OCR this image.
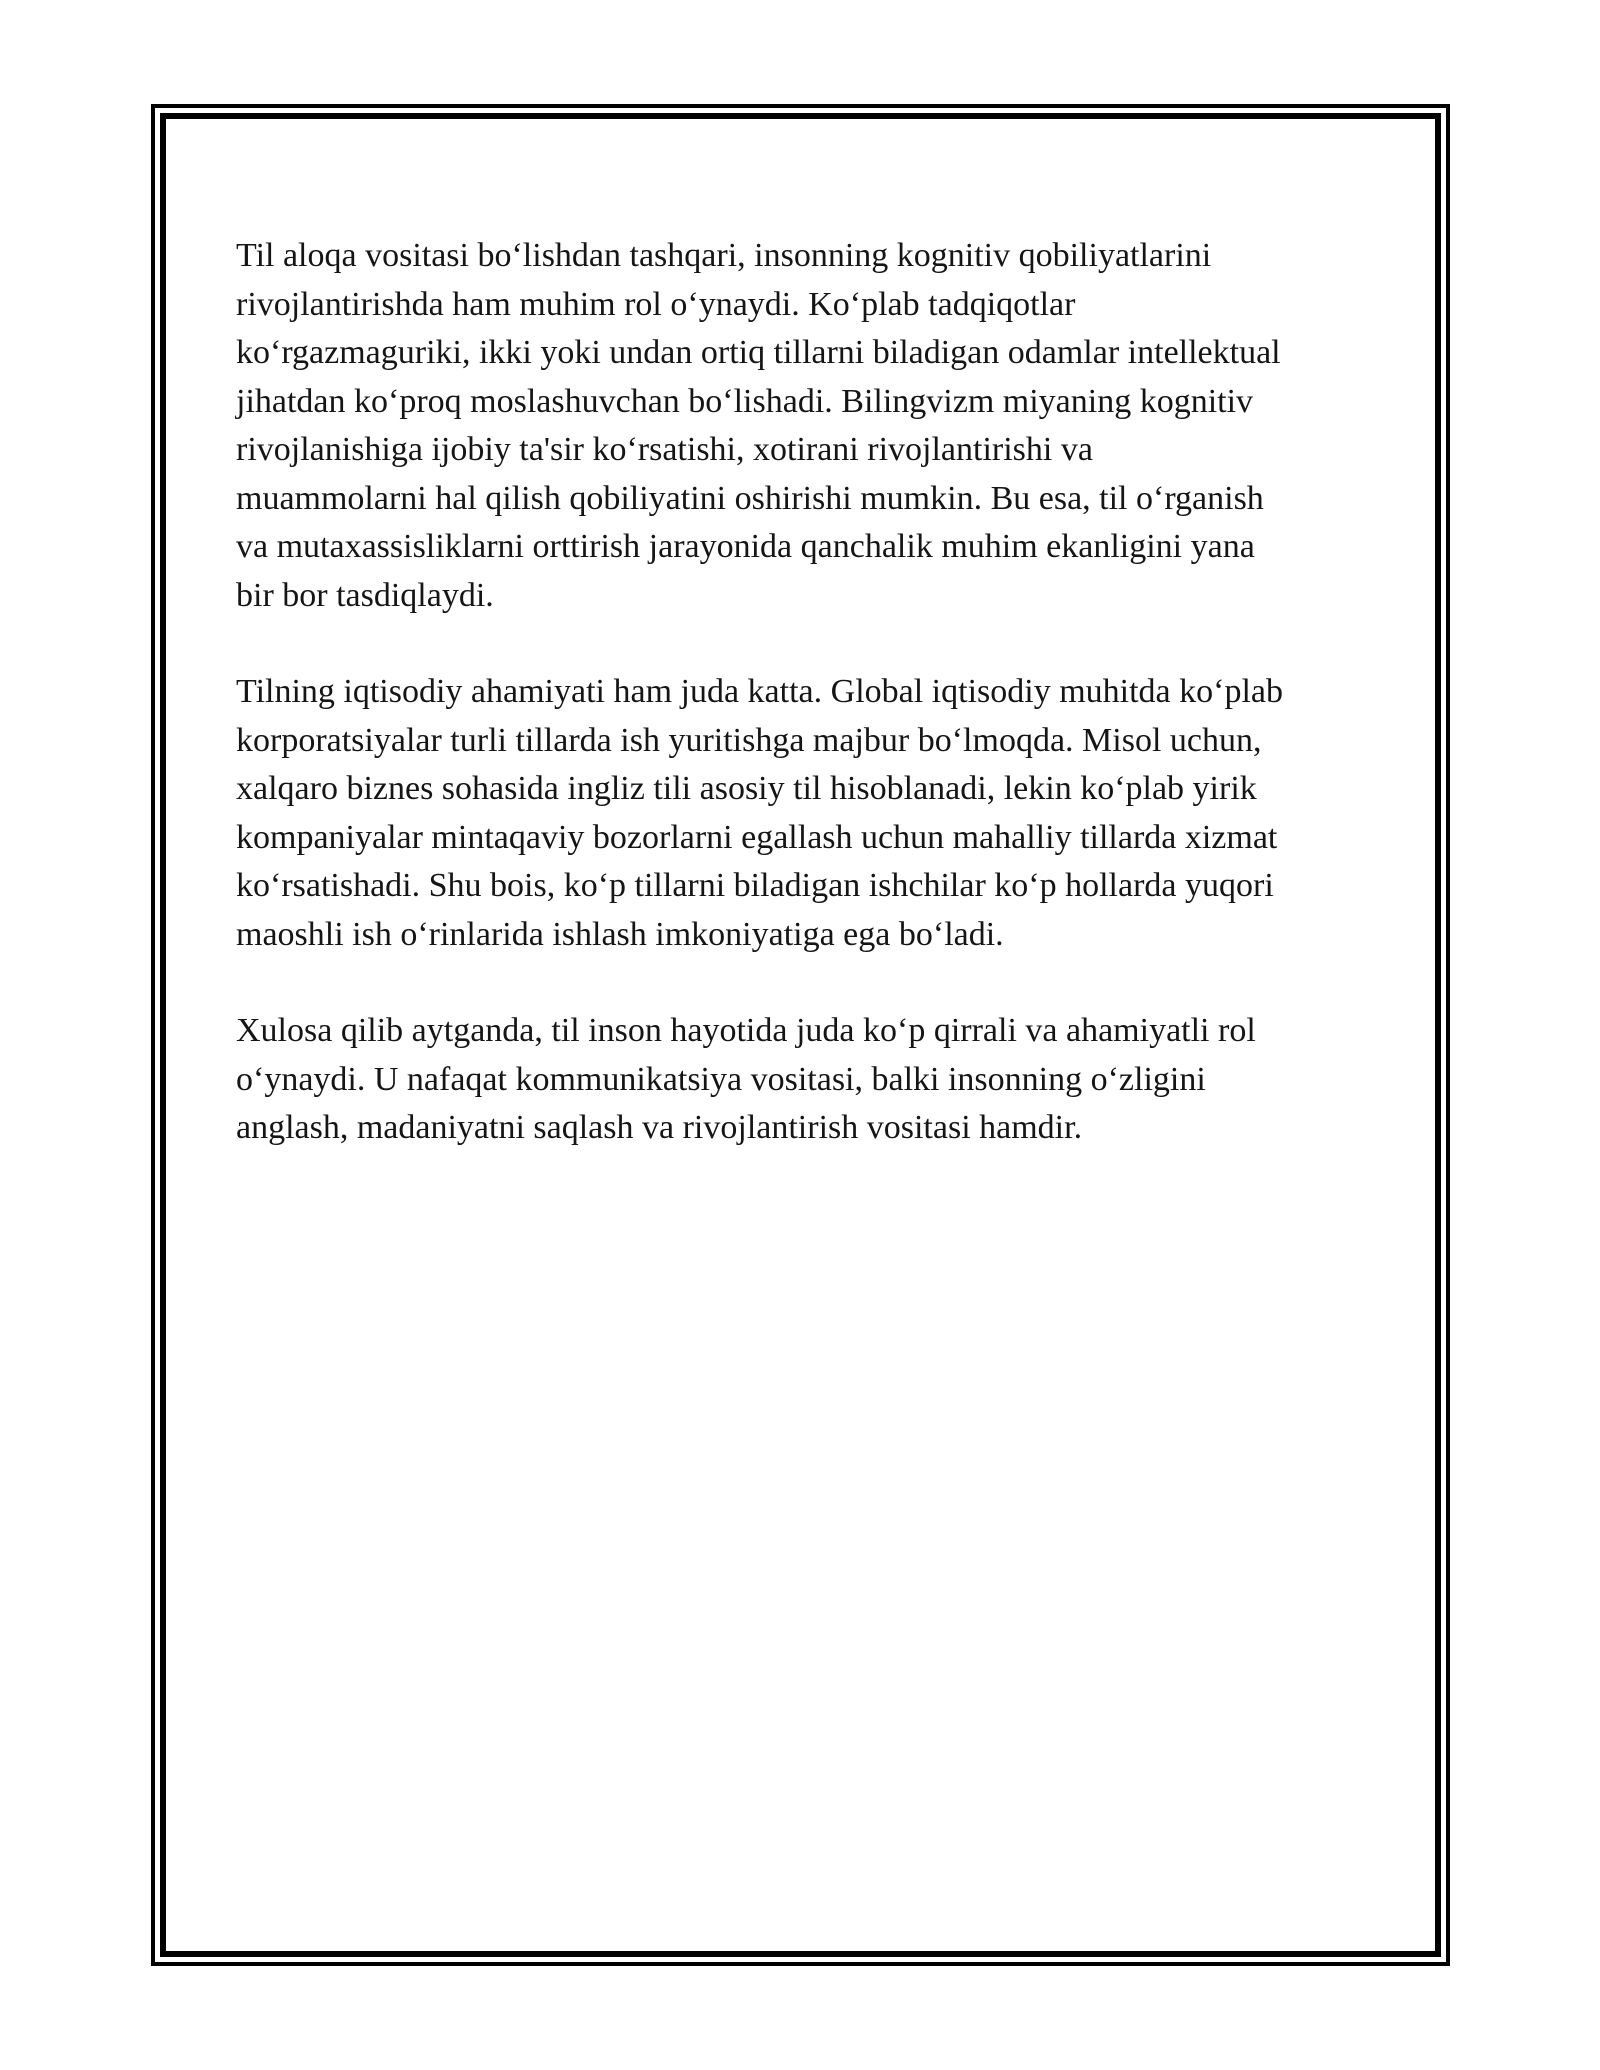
Til aloqa vositasi bo‘lishdan tashqari, insonning kognitiv qobiliyatlarini
rivojlantirishda ham muhim rol o‘ynaydi. Ko‘plab tadqiqotlar
ko‘rgazmaguriki, ikki yoki undan ortiq tillarni biladigan odamlar intellektual
jihatdan ko‘proq moslashuvchan bo‘lishadi. Bilingvizm miyaning kognitiv
rivojlanishiga ijobiy ta'sir ko‘rsatishi, xotirani rivojlantirishi va
muammolarni hal qilish qobiliyatini oshirishi mumkin. Bu esa, til o‘rganish
va mutaxassisliklarni orttirish jarayonida qanchalik muhim ekanligini yana
bir bor tasdiqlaydi.

Tilning iqtisodiy ahamiyati ham juda katta. Global iqtisodiy muhitda ko‘plab
korporatsiyalar turli tillarda ish yuritishga majbur bo‘lmoqda. Misol uchun,
xalqaro biznes sohasida ingliz tili asosiy til hisoblanadi, lekin ko‘plab yirik
kompaniyalar mintaqaviy bozorlarni egallash uchun mahalliy tillarda xizmat
ko‘rsatishadi. Shu bois, ko‘p tillarni biladigan ishchilar ko‘p hollarda yuqori
maoshli ish o‘rinlarida ishlash imkoniyatiga ega bo‘ladi.

Xulosa qilib aytganda, til inson hayotida juda ko‘p qirrali va ahamiyatli rol
o‘ynaydi. U nafaqat kommunikatsiya vositasi, balki insonning o‘zligini
anglash, madaniyatni saqlash va rivojlantirish vositasi hamdir.
